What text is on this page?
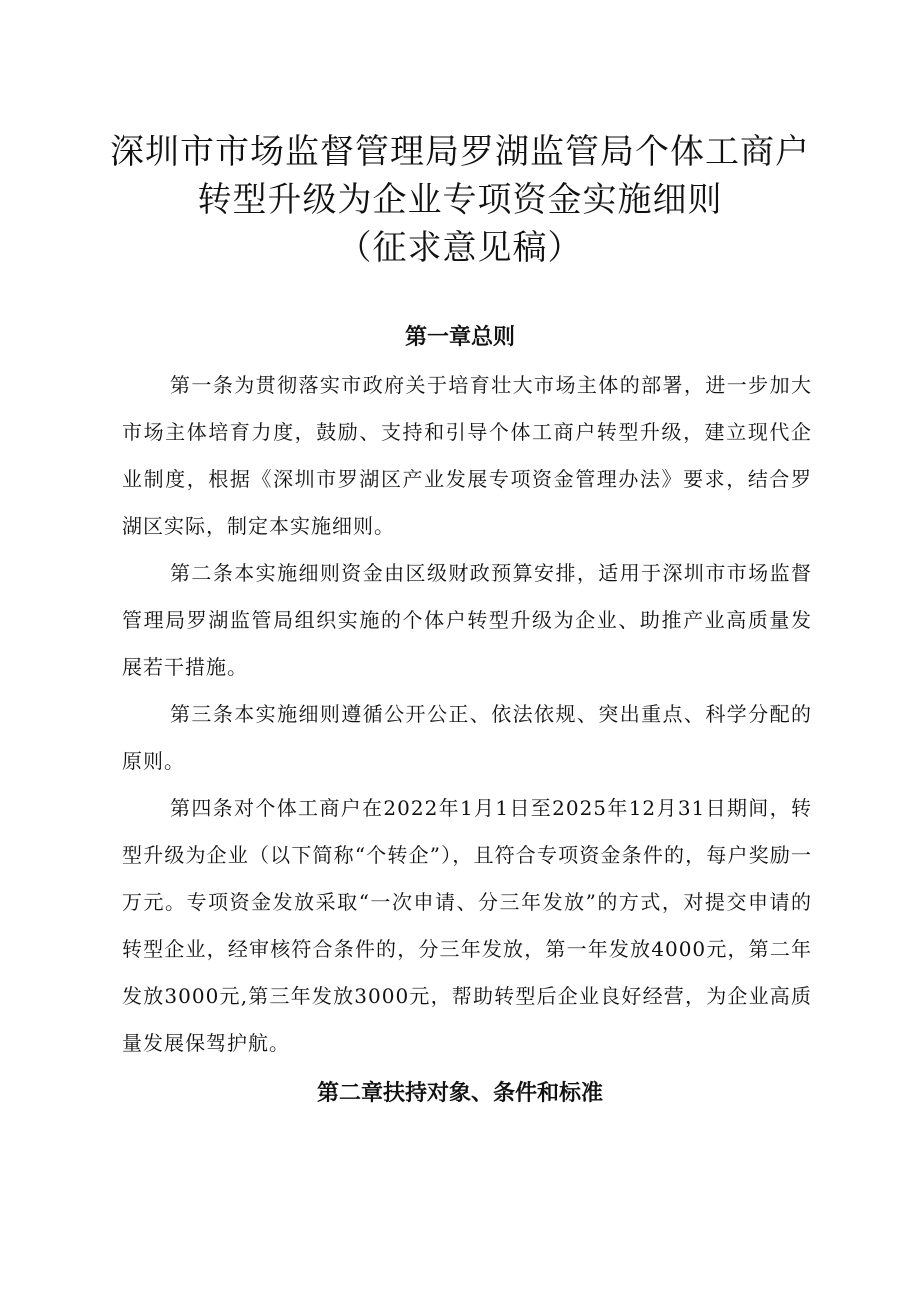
深圳市市场监督管理局罗湖监管局个体工商户
转型升级为企业专项资金实施细则
（征求意见稿）
第一章总则

第一条为贯彻落实市政府关于培育壮大市场主体的部署，进一步加大市场主体培育力度，鼓励、支持和引导个体工商户转型升级，建立现代企业制度，根据《深圳市罗湖区产业发展专项资金管理办法》要求，结合罗湖区实际，制定本实施细则。

第二条本实施细则资金由区级财政预算安排，适用于深圳市市场监督管理局罗湖监管局组织实施的个体户转型升级为企业、助推产业高质量发展若干措施。

第三条本实施细则遵循公开公正、依法依规、突出重点、科学分配的原则。

第四条对个体工商户在2022年1月1日至2025年12月31日期间，转型升级为企业（以下简称“个转企”），且符合专项资金条件的，每户奖励一万元。专项资金发放采取“一次申请、分三年发放”的方式，对提交申请的转型企业，经审核符合条件的，分三年发放，第一年发放4000元，第二年发放3000元,第三年发放3000元，帮助转型后企业良好经营，为企业高质量发展保驾护航。

第二章扶持对象、条件和标准
